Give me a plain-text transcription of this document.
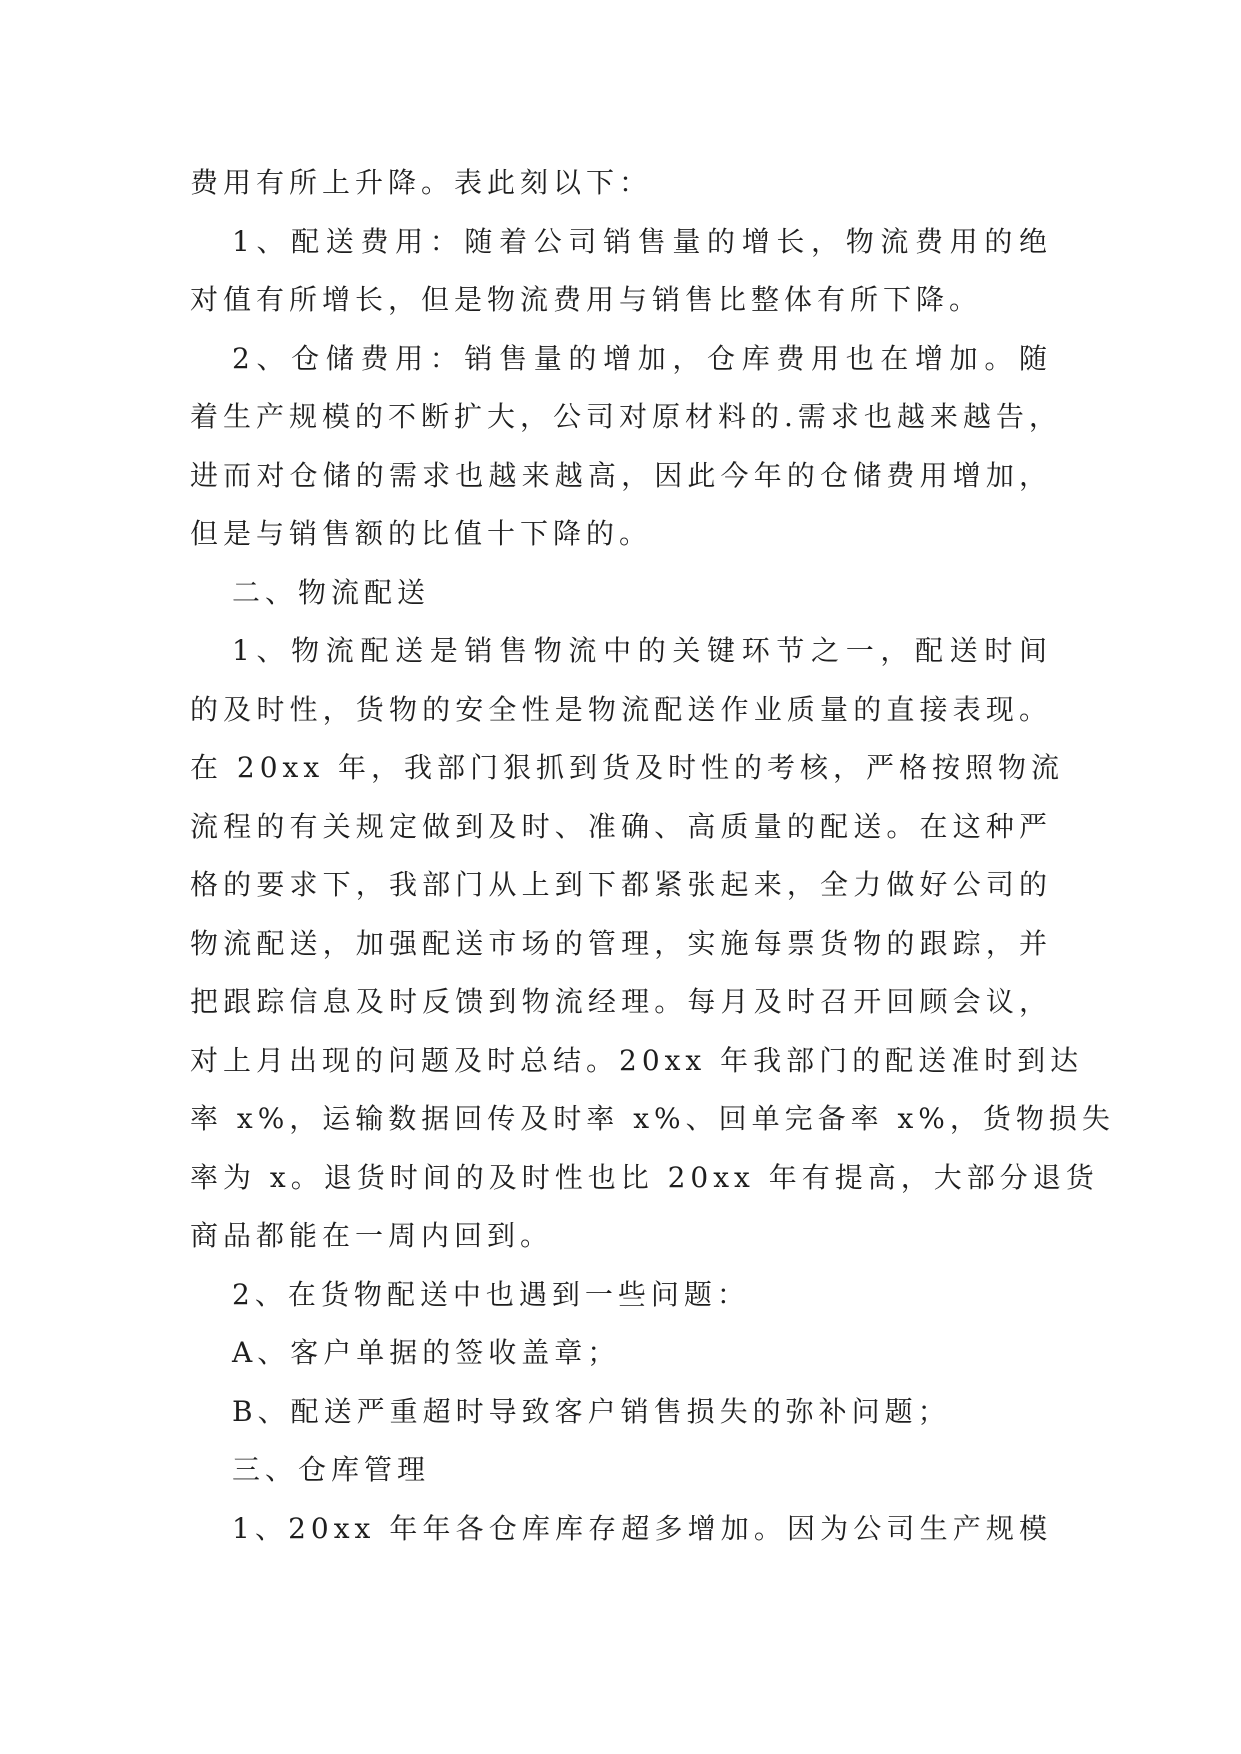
费用有所上升降。表此刻以下：
1、配送费用：随着公司销售量的增长，物流费用的绝
对值有所增长，但是物流费用与销售比整体有所下降。
2、仓储费用：销售量的增加，仓库费用也在增加。随
着生产规模的不断扩大，公司对原材料的.需求也越来越告，
进而对仓储的需求也越来越高，因此今年的仓储费用增加，
但是与销售额的比值十下降的。
二、物流配送
1、物流配送是销售物流中的关键环节之一，配送时间
的及时性，货物的安全性是物流配送作业质量的直接表现。
在 20xx 年，我部门狠抓到货及时性的考核，严格按照物流
流程的有关规定做到及时、准确、高质量的配送。在这种严
格的要求下，我部门从上到下都紧张起来，全力做好公司的
物流配送，加强配送市场的管理，实施每票货物的跟踪，并
把跟踪信息及时反馈到物流经理。每月及时召开回顾会议，
对上月出现的问题及时总结。20xx 年我部门的配送准时到达
率 x%，运输数据回传及时率 x%、回单完备率 x%，货物损失
率为 x。退货时间的及时性也比 20xx 年有提高，大部分退货
商品都能在一周内回到。
2、在货物配送中也遇到一些问题：
A、客户单据的签收盖章；
B、配送严重超时导致客户销售损失的弥补问题；
三、仓库管理
1、20xx 年年各仓库库存超多增加。因为公司生产规模
